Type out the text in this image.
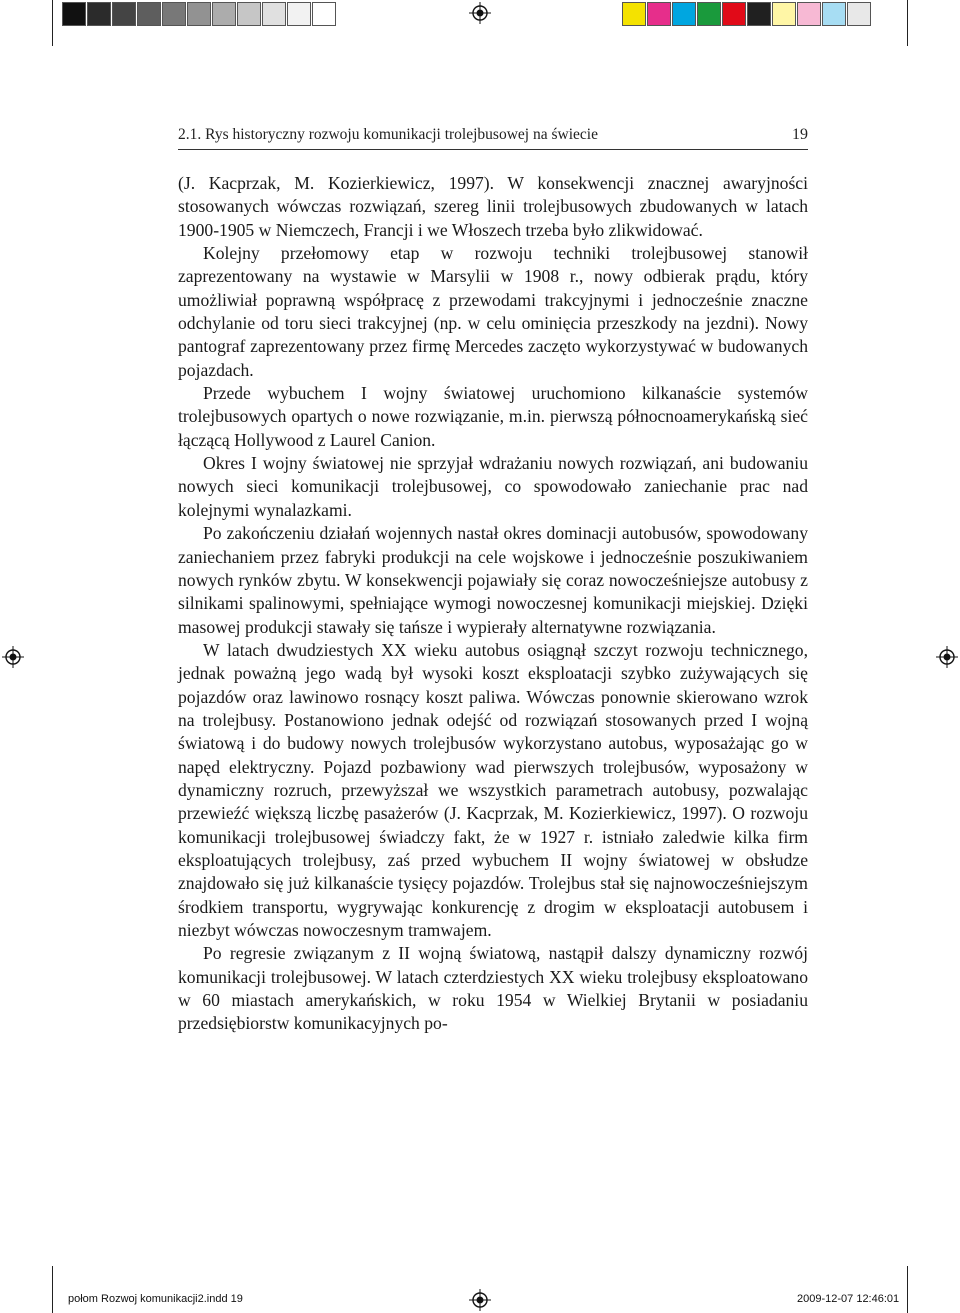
2.1. Rys historyczny rozwoju komunikacji trolejbusowej na świecie	19

(J. Kacprzak, M. Kozierkiewicz, 1997). W konsekwencji znacznej awaryjności stosowanych wówczas rozwiązań, szereg linii trolejbusowych zbudowanych w latach 1900-1905 w Niemczech, Francji i we Włoszech trzeba było zlikwidować.

Kolejny przełomowy etap w rozwoju techniki trolejbusowej stanowił zaprezentowany na wystawie w Marsylii w 1908 r., nowy odbierak prądu, który umożliwiał poprawną współpracę z przewodami trakcyjnymi i jednocześnie znaczne odchylanie od toru sieci trakcyjnej (np. w celu ominięcia przeszkody na jezdni). Nowy pantograf zaprezentowany przez firmę Mercedes zaczęto wykorzystywać w budowanych pojazdach.

Przede wybuchem I wojny światowej uruchomiono kilkanaście systemów trolejbusowych opartych o nowe rozwiązanie, m.in. pierwszą północnoamerykańską sieć łączącą Hollywood z Laurel Canion.

Okres I wojny światowej nie sprzyjał wdrażaniu nowych rozwiązań, ani budowaniu nowych sieci komunikacji trolejbusowej, co spowodowało zaniechanie prac nad kolejnymi wynalazkami.

Po zakończeniu działań wojennych nastał okres dominacji autobusów, spowodowany zaniechaniem przez fabryki produkcji na cele wojskowe i jednocześnie poszukiwaniem nowych rynków zbytu. W konsekwencji pojawiały się coraz nowocześniejsze autobusy z silnikami spalinowymi, spełniające wymogi nowoczesnej komunikacji miejskiej. Dzięki masowej produkcji stawały się tańsze i wypierały alternatywne rozwiązania.

W latach dwudziestych XX wieku autobus osiągnął szczyt rozwoju technicznego, jednak poważną jego wadą był wysoki koszt eksploatacji szybko zużywających się pojazdów oraz lawinowo rosnący koszt paliwa. Wówczas ponownie skierowano wzrok na trolejbusy. Postanowiono jednak odejść od rozwiązań stosowanych przed I wojną światową i do budowy nowych trolejbusów wykorzystano autobus, wyposażając go w napęd elektryczny. Pojazd pozbawiony wad pierwszych trolejbusów, wyposażony w dynamiczny rozruch, przewyższał we wszystkich parametrach autobusy, pozwalając przewieźć większą liczbę pasażerów (J. Kacprzak, M. Kozierkiewicz, 1997). O rozwoju komunikacji trolejbusowej świadczy fakt, że w 1927 r. istniało zaledwie kilka firm eksploatujących trolejbusy, zaś przed wybuchem II wojny światowej w obsłudze znajdowało się już kilkanaście tysięcy pojazdów. Trolejbus stał się najnowocześniejszym środkiem transportu, wygrywając konkurencję z drogim w eksploatacji autobusem i niezbyt wówczas nowoczesnym tramwajem.

Po regresie związanym z II wojną światową, nastąpił dalszy dynamiczny rozwój komunikacji trolejbusowej. W latach czterdziestych XX wieku trolejbusy eksploatowano w 60 miastach amerykańskich, w roku 1954 w Wielkiej Brytanii w posiadaniu przedsiębiorstw komunikacyjnych po-

połom Rozwoj komunikacji2.indd 19	2009-12-07 12:46:01
